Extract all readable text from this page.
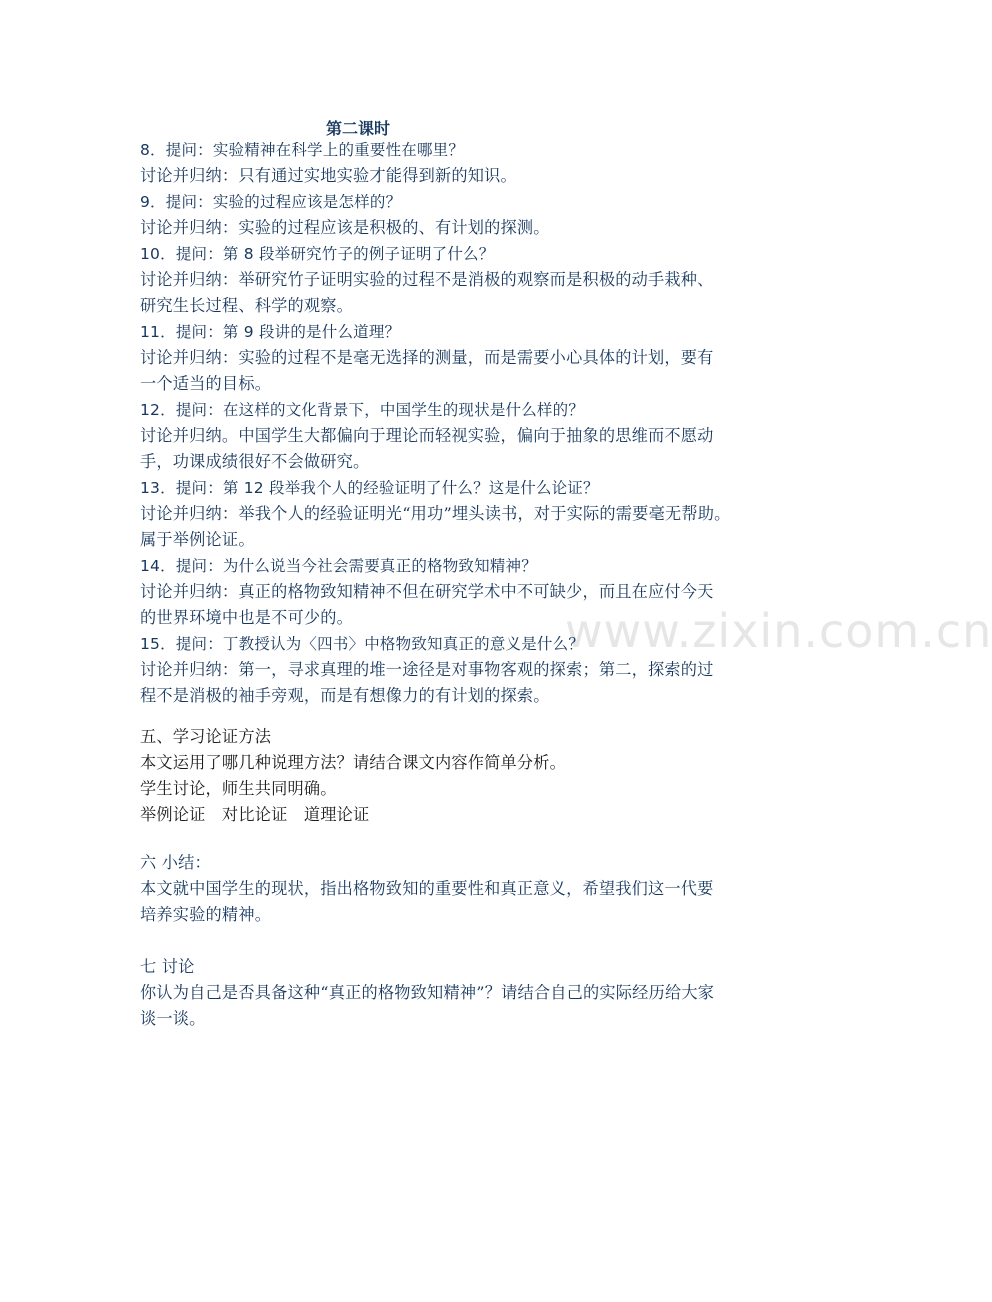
www.zixin.com.cn
第二课时
8．提问：实验精神在科学上的重要性在哪里？
讨论并归纳：只有通过实地实验才能得到新的知识。
9．提问：实验的过程应该是怎样的？
讨论并归纳：实验的过程应该是积极的、有计划的探测。
10．提问：第 8 段举研究竹子的例子证明了什么？
讨论并归纳：举研究竹子证明实验的过程不是消极的观察而是积极的动手栽种、
研究生长过程、科学的观察。
11．提问：第 9 段讲的是什么道理？
讨论并归纳：实验的过程不是毫无选择的测量，而是需要小心具体的计划，要有
一个适当的目标。
12．提问：在这样的文化背景下，中国学生的现状是什么样的？
讨论并归纳。中国学生大都偏向于理论而轻视实验，偏向于抽象的思维而不愿动
手，功课成绩很好不会做研究。
13．提问：第 12 段举我个人的经验证明了什么？这是什么论证？
讨论并归纳：举我个人的经验证明光“用功”埋头读书，对于实际的需要毫无帮助。
属于举例论证。
14．提问：为什么说当今社会需要真正的格物致知精神？
讨论并归纳：真正的格物致知精神不但在研究学术中不可缺少，而且在应付今天
的世界环境中也是不可少的。
15．提问：丁教授认为〈四书〉中格物致知真正的意义是什么？
讨论并归纳：第一，寻求真理的堆一途径是对事物客观的探索；第二，探索的过
程不是消极的袖手旁观，而是有想像力的有计划的探索。
五、学习论证方法
本文运用了哪几种说理方法？请结合课文内容作简单分析。
学生讨论，师生共同明确。
举例论证　对比论证　道理论证
六 小结：
本文就中国学生的现状，指出格物致知的重要性和真正意义，希望我们这一代要
培养实验的精神。
七 讨论
你认为自己是否具备这种“真正的格物致知精神”？请结合自己的实际经历给大家
谈一谈。
